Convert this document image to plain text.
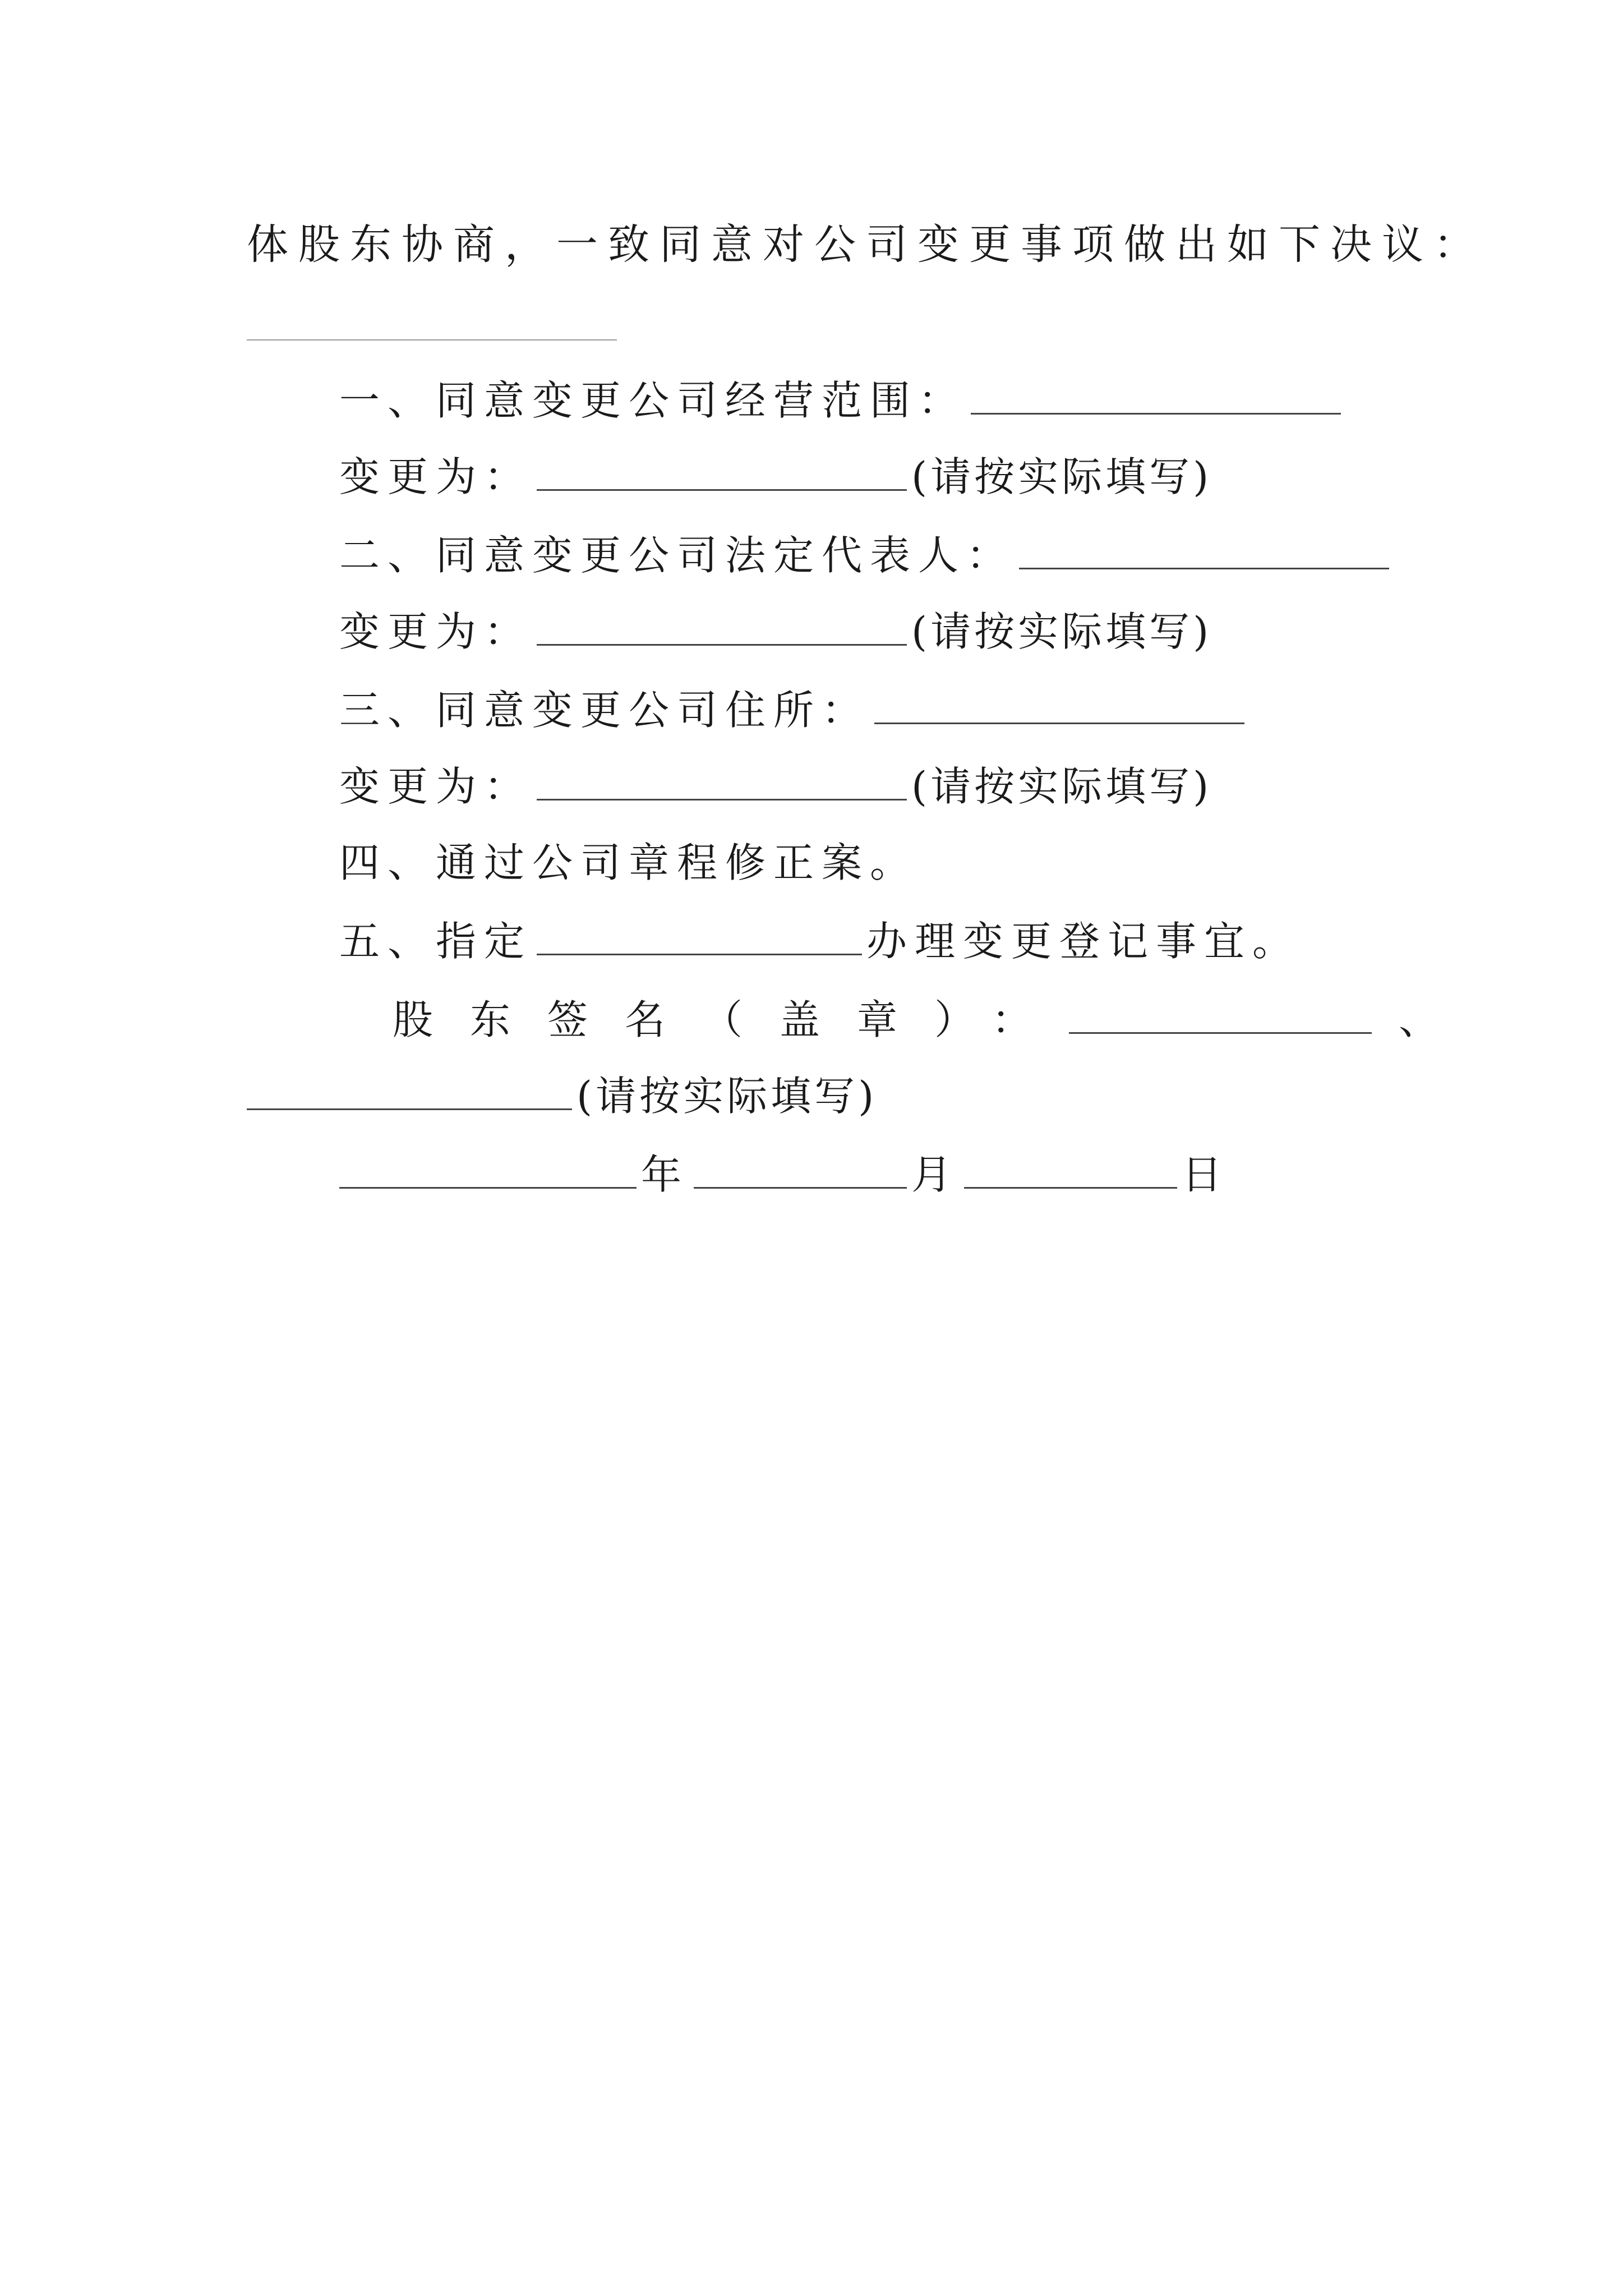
体股东协商，一致同意对公司变更事项做出如下决议：
一、同意变更公司经营范围：
变更为：	(请按实际填写)
二、同意变更公司法定代表人：
变更为：	(请按实际填写)
三、同意变更公司住所：
变更为：	(请按实际填写)
四、通过公司章程修正案。
五、指定	办理变更登记事宜。
股东签名（盖章）：	、
(请按实际填写)
年	月	日
